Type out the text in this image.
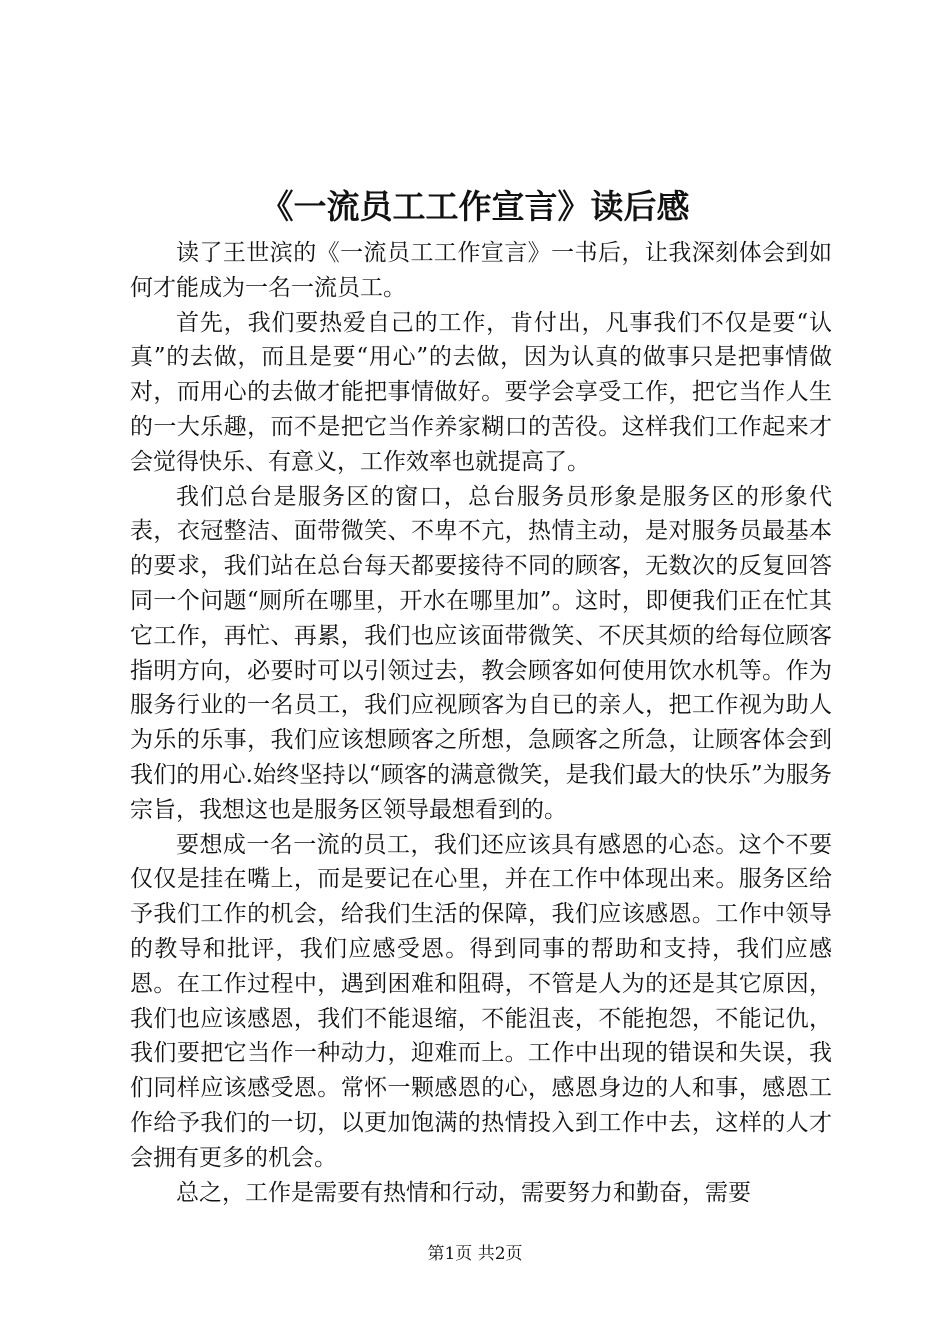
《一流员工工作宣言》读后感

读了王世滨的《一流员工工作宣言》一书后，让我深刻体会到如何才能成为一名一流员工。

首先，我们要热爱自己的工作，肯付出，凡事我们不仅是要“认真”的去做，而且是要“用心”的去做，因为认真的做事只是把事情做对，而用心的去做才能把事情做好。要学会享受工作，把它当作人生的一大乐趣，而不是把它当作养家糊口的苦役。这样我们工作起来才会觉得快乐、有意义，工作效率也就提高了。

我们总台是服务区的窗口，总台服务员形象是服务区的形象代表，衣冠整洁、面带微笑、不卑不亢，热情主动，是对服务员最基本的要求，我们站在总台每天都要接待不同的顾客，无数次的反复回答同一个问题“厕所在哪里，开水在哪里加”。这时，即便我们正在忙其它工作，再忙、再累，我们也应该面带微笑、不厌其烦的给每位顾客指明方向，必要时可以引领过去，教会顾客如何使用饮水机等。作为服务行业的一名员工，我们应视顾客为自已的亲人，把工作视为助人为乐的乐事，我们应该想顾客之所想，急顾客之所急，让顾客体会到我们的用心.始终坚持以“顾客的满意微笑，是我们最大的快乐”为服务宗旨，我想这也是服务区领导最想看到的。

要想成一名一流的员工，我们还应该具有感恩的心态。这个不要仅仅是挂在嘴上，而是要记在心里，并在工作中体现出来。服务区给予我们工作的机会，给我们生活的保障，我们应该感恩。工作中领导的教导和批评，我们应感受恩。得到同事的帮助和支持，我们应感恩。在工作过程中，遇到困难和阻碍，不管是人为的还是其它原因，我们也应该感恩，我们不能退缩，不能沮丧，不能抱怨，不能记仇，我们要把它当作一种动力，迎难而上。工作中出现的错误和失误，我们同样应该感受恩。常怀一颗感恩的心，感恩身边的人和事，感恩工作给予我们的一切，以更加饱满的热情投入到工作中去，这样的人才会拥有更多的机会。

总之，工作是需要有热情和行动，需要努力和勤奋，需要

第1页 共2页
